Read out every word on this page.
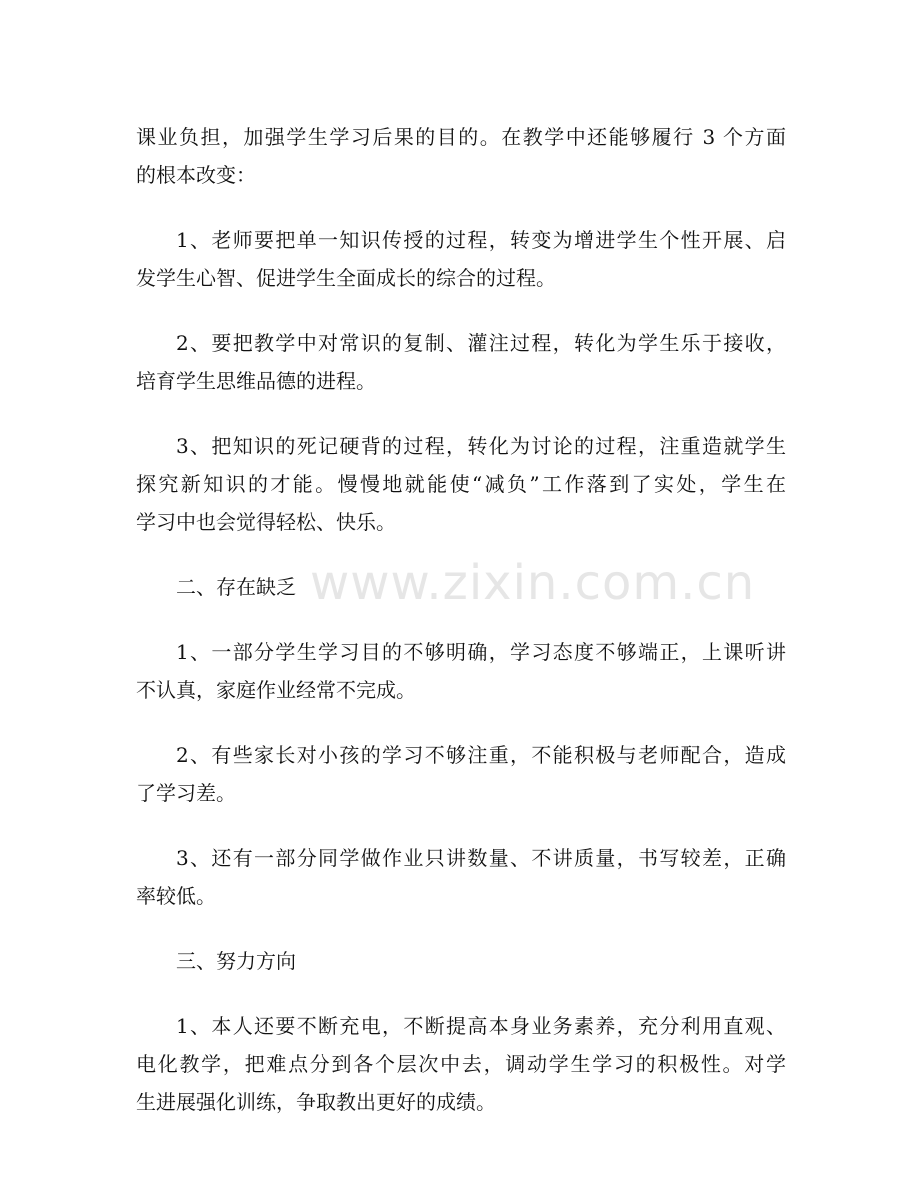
www.zixin.com.cn
课业负担，加强学生学习后果的目的。在教学中还能够履行 3 个方面
的根本改变：
1、老师要把单一知识传授的过程，转变为增进学生个性开展、启
发学生心智、促进学生全面成长的综合的过程。
2、要把教学中对常识的复制、灌注过程，转化为学生乐于接收，
培育学生思维品德的进程。
3、把知识的死记硬背的过程，转化为讨论的过程，注重造就学生
探究新知识的才能。慢慢地就能使“减负”工作落到了实处，学生在
学习中也会觉得轻松、快乐。
二、存在缺乏
1、一部分学生学习目的不够明确，学习态度不够端正，上课听讲
不认真，家庭作业经常不完成。
2、有些家长对小孩的学习不够注重，不能积极与老师配合，造成
了学习差。
3、还有一部分同学做作业只讲数量、不讲质量，书写较差，正确
率较低。
三、努力方向
1、本人还要不断充电，不断提高本身业务素养，充分利用直观、
电化教学，把难点分到各个层次中去，调动学生学习的积极性。对学
生进展强化训练，争取教出更好的成绩。
